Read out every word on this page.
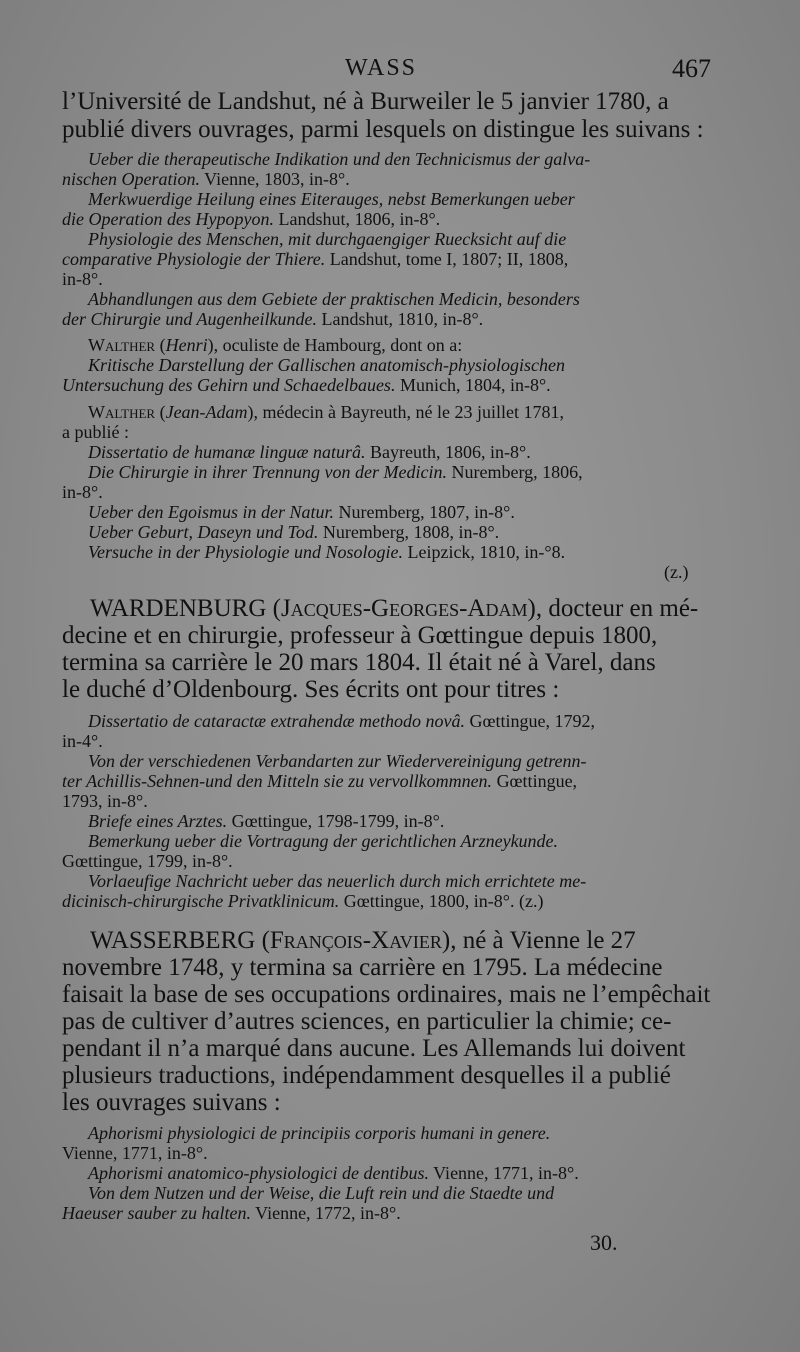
WASS	467
l’Université de Landshut, né à Burweiler le 5 janvier 1780, a
publié divers ouvrages, parmi lesquels on distingue les suivans :
Ueber die therapeutische Indikation und den Technicismus der galva-
nischen Operation. Vienne, 1803, in-8°.
Merkwuerdige Heilung eines Eiterauges, nebst Bemerkungen ueber
die Operation des Hypopyon. Landshut, 1806, in-8°.
Physiologie des Menschen, mit durchgaengiger Ruecksicht auf die
comparative Physiologie der Thiere. Landshut, tome I, 1807; II, 1808,
in-8°.
Abhandlungen aus dem Gebiete der praktischen Medicin, besonders
der Chirurgie und Augenheilkunde. Landshut, 1810, in-8°.
Walther (Henri), oculiste de Hambourg, dont on a:
Kritische Darstellung der Gallischen anatomisch-physiologischen
Untersuchung des Gehirn und Schaedelbaues. Munich, 1804, in-8°.
Walther (Jean-Adam), médecin à Bayreuth, né le 23 juillet 1781,
a publié :
Dissertatio de humanæ linguæ naturâ. Bayreuth, 1806, in-8°.
Die Chirurgie in ihrer Trennung von der Medicin. Nuremberg, 1806,
in-8°.
Ueber den Egoismus in der Natur. Nuremberg, 1807, in-8°.
Ueber Geburt, Daseyn und Tod. Nuremberg, 1808, in-8°.
Versuche in der Physiologie und Nosologie. Leipzick, 1810, in-°8.
(z.)
WARDENBURG (Jacques-Georges-Adam), docteur en mé-
decine et en chirurgie, professeur à Gœttingue depuis 1800,
termina sa carrière le 20 mars 1804. Il était né à Varel, dans
le duché d’Oldenbourg. Ses écrits ont pour titres :
Dissertatio de cataractæ extrahendæ methodo novâ. Gœttingue, 1792,
in-4°.
Von der verschiedenen Verbandarten zur Wiedervereinigung getrenn-
ter Achillis-Sehnen-und den Mitteln sie zu vervollkommnen. Gœttingue,
1793, in-8°.
Briefe eines Arztes. Gœttingue, 1798-1799, in-8°.
Bemerkung ueber die Vortragung der gerichtlichen Arzneykunde.
Gœttingue, 1799, in-8°.
Vorlaeufige Nachricht ueber das neuerlich durch mich errichtete me-
dicinisch-chirurgische Privatklinicum. Gœttingue, 1800, in-8°. (z.)
WASSERBERG (François-Xavier), né à Vienne le 27
novembre 1748, y termina sa carrière en 1795. La médecine
faisait la base de ses occupations ordinaires, mais ne l’empêchait
pas de cultiver d’autres sciences, en particulier la chimie; ce-
pendant il n’a marqué dans aucune. Les Allemands lui doivent
plusieurs traductions, indépendamment desquelles il a publié
les ouvrages suivans :
Aphorismi physiologici de principiis corporis humani in genere.
Vienne, 1771, in-8°.
Aphorismi anatomico-physiologici de dentibus. Vienne, 1771, in-8°.
Von dem Nutzen und der Weise, die Luft rein und die Staedte und
Haeuser sauber zu halten. Vienne, 1772, in-8°.
30.
